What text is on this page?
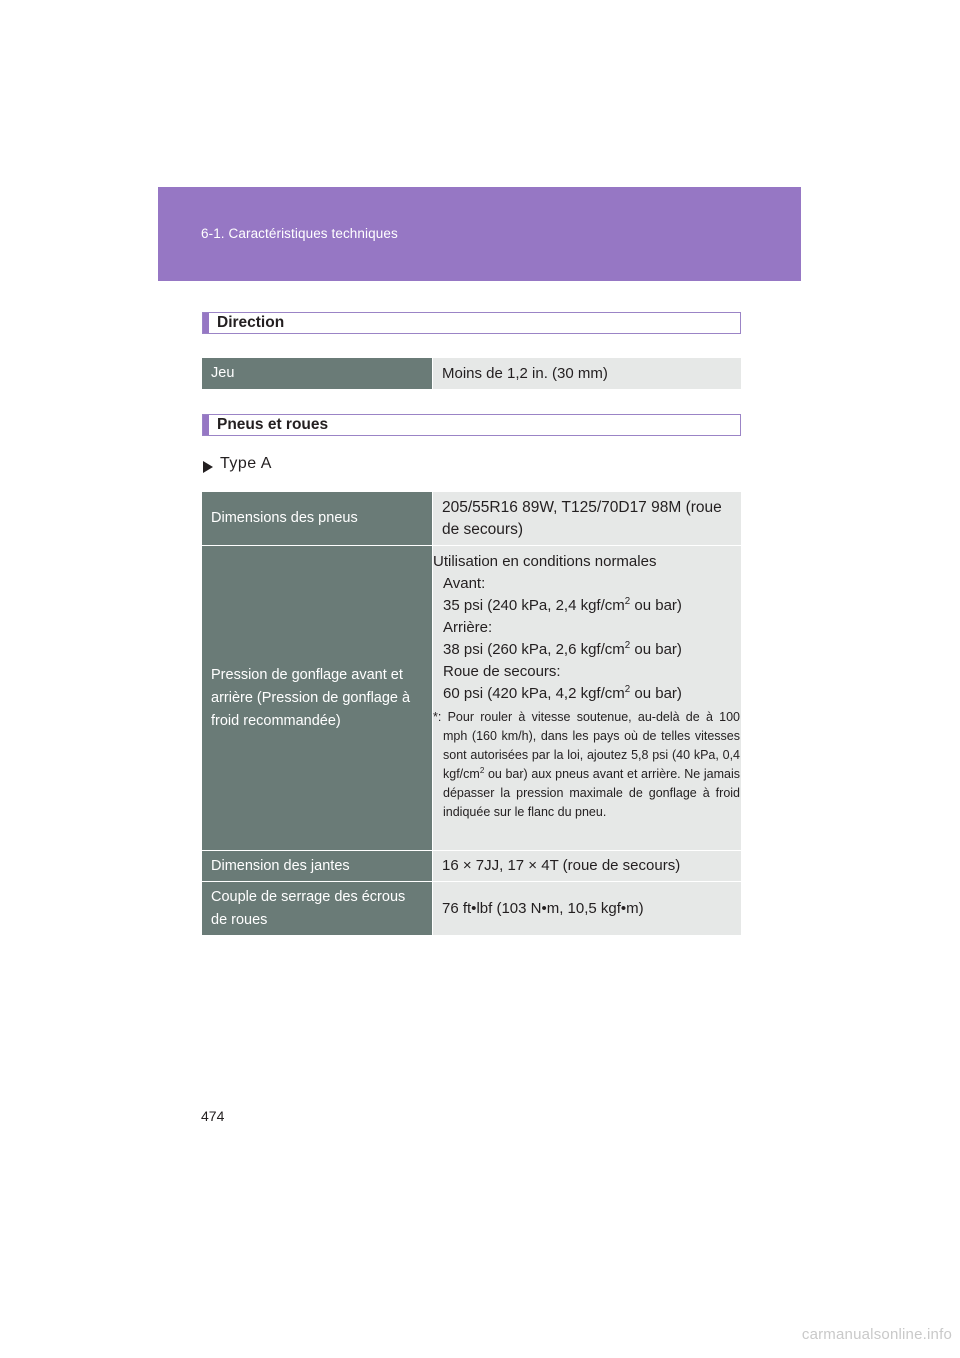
6-1. Caractéristiques techniques
Direction
Jeu	Moins de 1,2 in. (30 mm)
Pneus et roues
Type A
Dimensions des pneus
205/55R16 89W, T125/70D17 98M (roue de secours)
Pression de gonflage avant et arrière (Pression de gonflage à froid recommandée)
Utilisation en conditions normales
Avant:
35 psi (240 kPa, 2,4 kgf/$cm^2$ ou bar)
Arrière:
38 psi (260 kPa, 2,6 kgf/$cm^2$ ou bar)
Roue de secours:
60 psi (420 kPa, 4,2 kgf/$cm^2$ ou bar)
*: Pour rouler à vitesse soutenue, au-delà de à 100 mph (160 km/h), dans les pays où de telles vitesses sont autorisées par la loi, ajoutez 5,8 psi (40 kPa, 0,4 kgf/$cm^2$ ou bar) aux pneus avant et arrière. Ne jamais dépasser la pression maximale de gonflage à froid indiquée sur le flanc du pneu.
Dimension des jantes	16 × 7JJ, 17 × 4T (roue de secours)
Couple de serrage des écrous de roues
76 ft•lbf (103 N•m, 10,5 kgf•m)
474
carmanualsonline.info
